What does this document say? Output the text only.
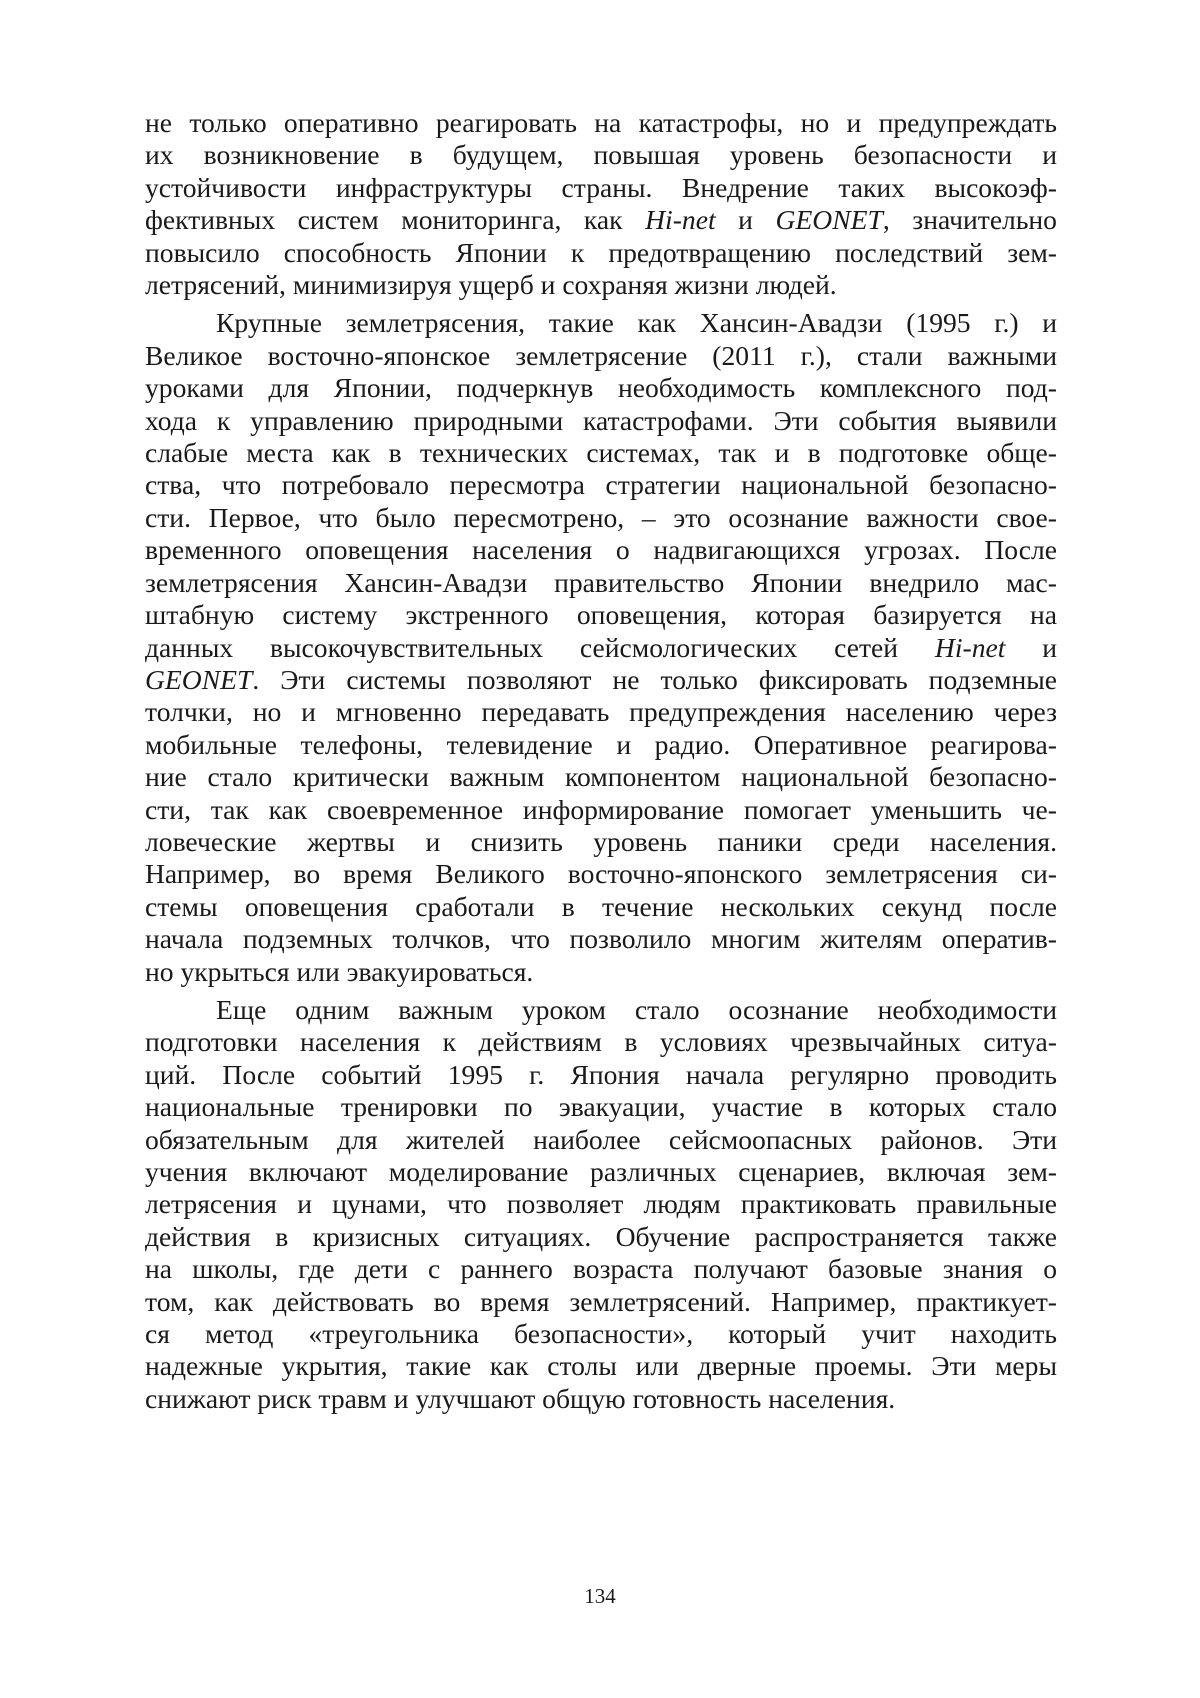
не только оперативно реагировать на катастрофы, но и предупреждать
их возникновение в будущем, повышая уровень безопасности и
устойчивости инфраструктуры страны. Внедрение таких высокоэф-
фективных систем мониторинга, как Hi-net и GEONET, значительно
повысило способность Японии к предотвращению последствий зем-
летрясений, минимизируя ущерб и сохраняя жизни людей.
Крупные землетрясения, такие как Хансин-Авадзи (1995 г.) и
Великое восточно-японское землетрясение (2011 г.), стали важными
уроками для Японии, подчеркнув необходимость комплексного под-
хода к управлению природными катастрофами. Эти события выявили
слабые места как в технических системах, так и в подготовке обще-
ства, что потребовало пересмотра стратегии национальной безопасно-
сти. Первое, что было пересмотрено, – это осознание важности свое-
временного оповещения населения о надвигающихся угрозах. После
землетрясения Хансин-Авадзи правительство Японии внедрило мас-
штабную систему экстренного оповещения, которая базируется на
данных высокочувствительных сейсмологических сетей Hi-net и
GEONET. Эти системы позволяют не только фиксировать подземные
толчки, но и мгновенно передавать предупреждения населению через
мобильные телефоны, телевидение и радио. Оперативное реагирова-
ние стало критически важным компонентом национальной безопасно-
сти, так как своевременное информирование помогает уменьшить че-
ловеческие жертвы и снизить уровень паники среди населения.
Например, во время Великого восточно-японского землетрясения си-
стемы оповещения сработали в течение нескольких секунд после
начала подземных толчков, что позволило многим жителям оператив-
но укрыться или эвакуироваться.
Еще одним важным уроком стало осознание необходимости
подготовки населения к действиям в условиях чрезвычайных ситуа-
ций. После событий 1995 г. Япония начала регулярно проводить
национальные тренировки по эвакуации, участие в которых стало
обязательным для жителей наиболее сейсмоопасных районов. Эти
учения включают моделирование различных сценариев, включая зем-
летрясения и цунами, что позволяет людям практиковать правильные
действия в кризисных ситуациях. Обучение распространяется также
на школы, где дети с раннего возраста получают базовые знания о
том, как действовать во время землетрясений. Например, практикует-
ся метод «треугольника безопасности», который учит находить
надежные укрытия, такие как столы или дверные проемы. Эти меры
снижают риск травм и улучшают общую готовность населения.
134
